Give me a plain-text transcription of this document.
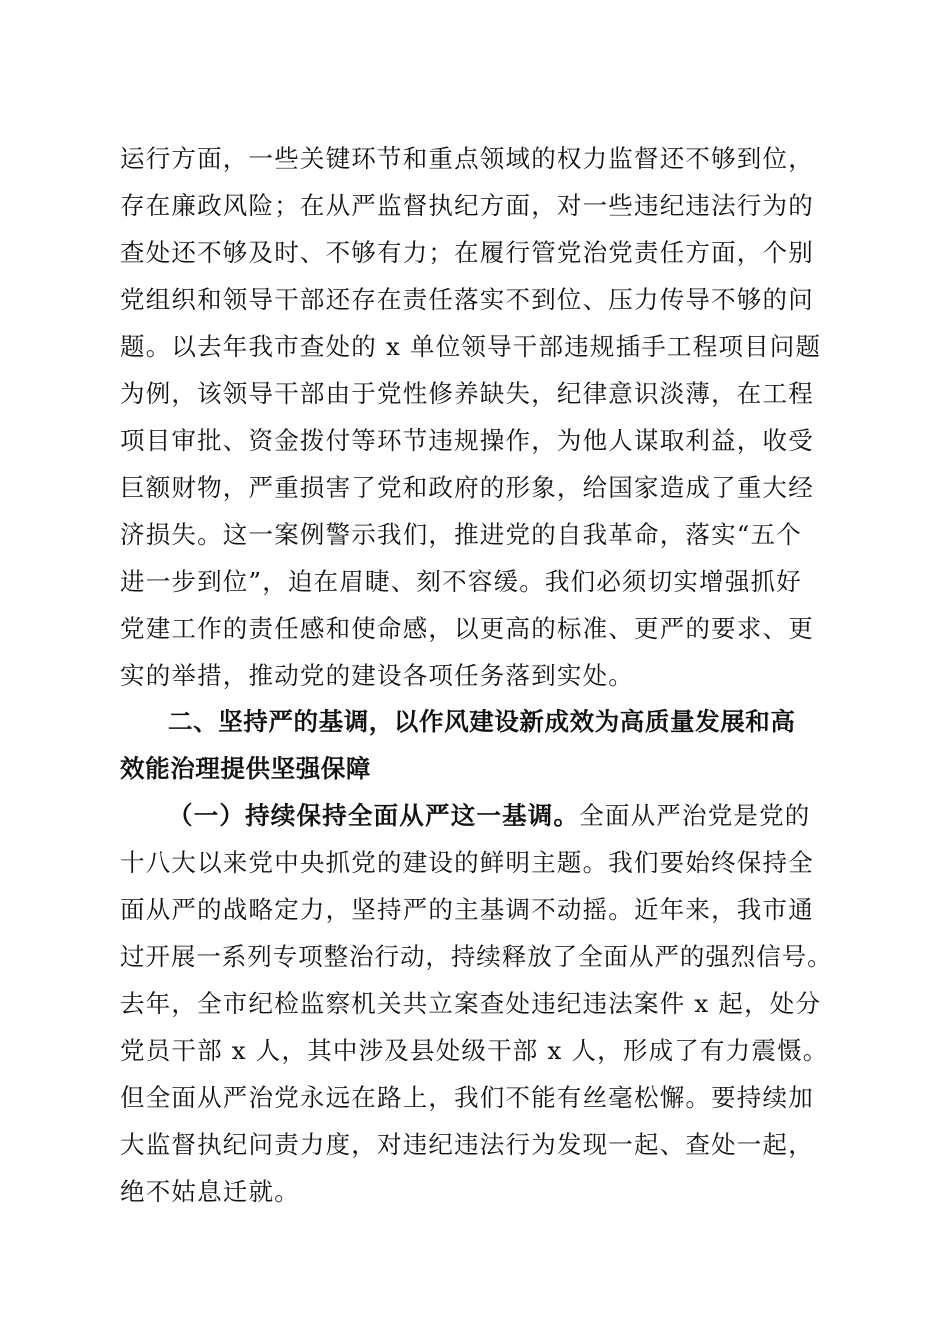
运行方面，一些关键环节和重点领域的权力监督还不够到位，
存在廉政风险；在从严监督执纪方面，对一些违纪违法行为的
查处还不够及时、不够有力；在履行管党治党责任方面，个别
党组织和领导干部还存在责任落实不到位、压力传导不够的问
题。以去年我市查处的 x 单位领导干部违规插手工程项目问题
为例，该领导干部由于党性修养缺失，纪律意识淡薄，在工程
项目审批、资金拨付等环节违规操作，为他人谋取利益，收受
巨额财物，严重损害了党和政府的形象，给国家造成了重大经
济损失。这一案例警示我们，推进党的自我革命，落实“五个
进一步到位”，迫在眉睫、刻不容缓。我们必须切实增强抓好
党建工作的责任感和使命感，以更高的标准、更严的要求、更
实的举措，推动党的建设各项任务落到实处。
二、坚持严的基调，以作风建设新成效为高质量发展和高
效能治理提供坚强保障
（一）持续保持全面从严这一基调。全面从严治党是党的
十八大以来党中央抓党的建设的鲜明主题。我们要始终保持全
面从严的战略定力，坚持严的主基调不动摇。近年来，我市通
过开展一系列专项整治行动，持续释放了全面从严的强烈信号。
去年，全市纪检监察机关共立案查处违纪违法案件 x 起，处分
党员干部 x 人，其中涉及县处级干部 x 人，形成了有力震慑。
但全面从严治党永远在路上，我们不能有丝毫松懈。要持续加
大监督执纪问责力度，对违纪违法行为发现一起、查处一起，
绝不姑息迁就。
